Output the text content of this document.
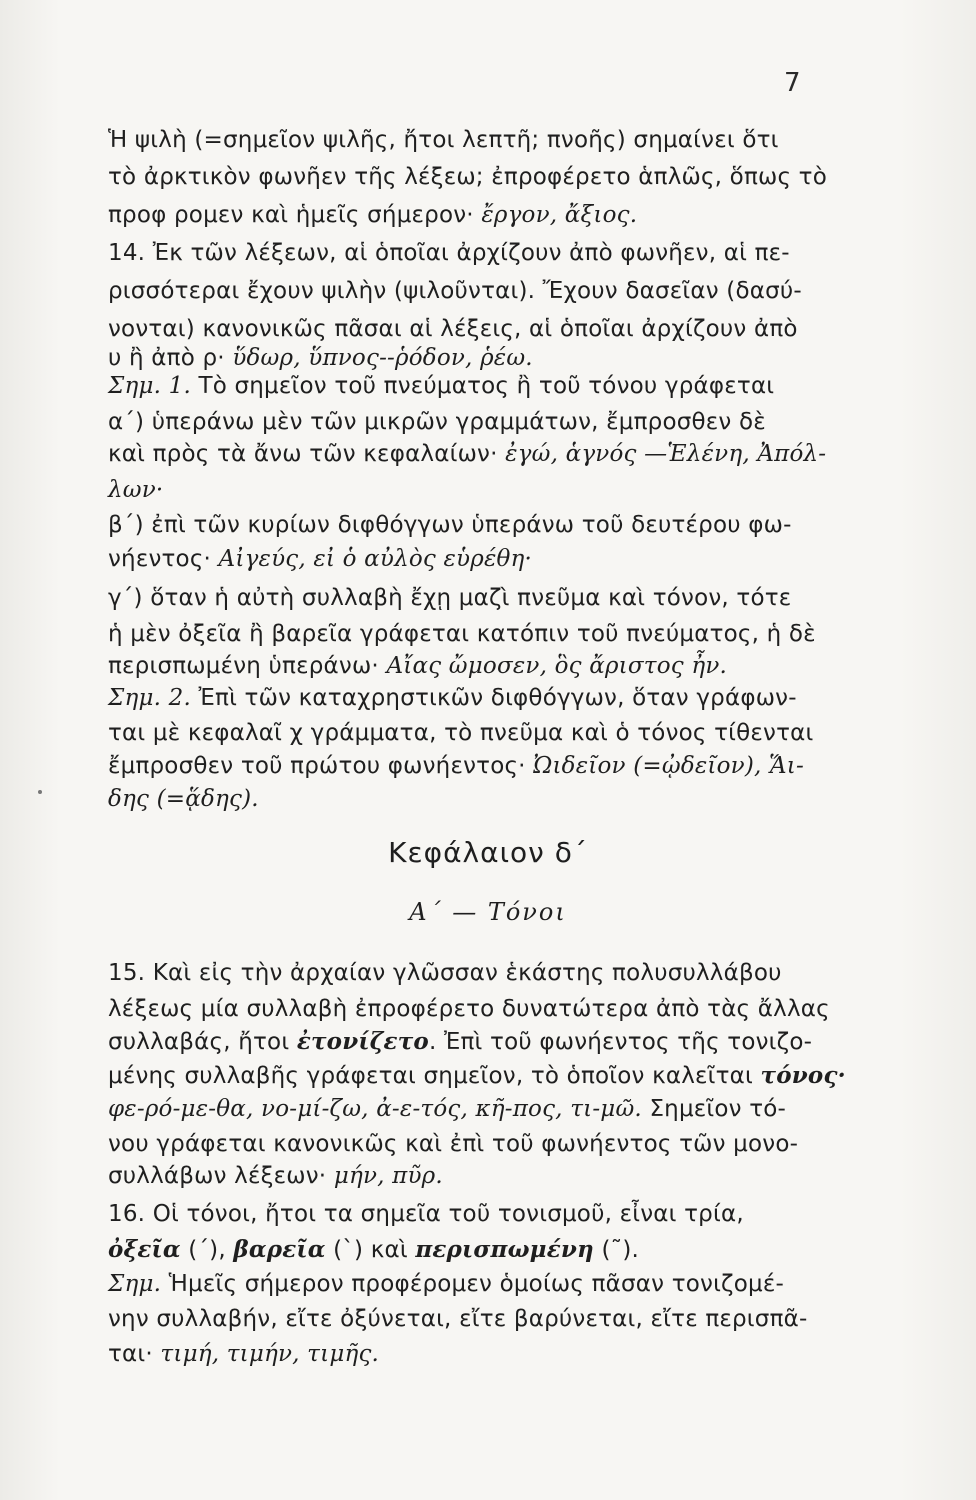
7
Ἡ ψιλὴ (=σημεῖον ψιλῆς, ἤτοι λεπτῆ; πνοῆς) σημαίνει ὅτι
τὸ ἀρκτικὸν φωνῆεν τῆς λέξεω; ἐπροφέρετο ἁπλῶς, ὅπως τὸ
προφ ρομεν καὶ ἡμεῖς σήμερον· ἔργον, ἄξιος.
14. Ἐκ τῶν λέξεων, αἱ ὁποῖαι ἀρχίζουν ἀπὸ φωνῆεν, αἱ πε-
ρισσότεραι ἔχουν ψιλὴν (ψιλοῦνται). Ἔχουν δασεῖαν (δασύ-
νονται) κανονικῶς πᾶσαι αἱ λέξεις, αἱ ὁποῖαι ἀρχίζουν ἀπὸ
υ ἢ ἀπὸ ρ· ὕδωρ, ὕπνος--ῥόδον, ῥέω.
Σημ. 1. Τὸ σημεῖον τοῦ πνεύματος ἢ τοῦ τόνου γράφεται
α΄) ὑπεράνω μὲν τῶν μικρῶν γραμμάτων, ἔμπροσθεν δὲ
καὶ πρὸς τὰ ἄνω τῶν κεφαλαίων· ἐγώ, ἁγνός —Ἑλένη, Ἀπόλ-
λων·
β΄) ἐπὶ τῶν κυρίων διφθόγγων ὑπεράνω τοῦ δευτέρου φω-
νήεντος· Αἰγεύς, εἰ ὁ αὐλὸς εὑρέθη·
γ΄) ὅταν ἡ αὐτὴ συλλαβὴ ἔχῃ μαζὶ πνεῦμα καὶ τόνον, τότε
ἡ μὲν ὀξεῖα ἢ βαρεῖα γράφεται κατόπιν τοῦ πνεύματος, ἡ δὲ
περισπωμένη ὑπεράνω· Αἴας ὤμοσεν, ὃς ἄριστος ἦν.
Σημ. 2. Ἐπὶ τῶν καταχρηστικῶν διφθόγγων, ὅταν γράφων-
ται μὲ κεφαλαῖ χ γράμματα, τὸ πνεῦμα καὶ ὁ τόνος τίθενται
ἔμπροσθεν τοῦ πρώτου φωνήεντος· Ὠιδεῖον (=ᾠδεῖον), Ἅι-
δης (=ᾅδης).
Κεφάλαιον δ΄
Α΄ — Τόνοι
15. Καὶ εἰς τὴν ἀρχαίαν γλῶσσαν ἑκάστης πολυσυλλάβου
λέξεως μία συλλαβὴ ἐπροφέρετο δυνατώτερα ἀπὸ τὰς ἄλλας
συλλαβάς, ἤτοι ἐτονίζετο. Ἐπὶ τοῦ φωνήεντος τῆς τονιζο-
μένης συλλαβῆς γράφεται σημεῖον, τὸ ὁποῖον καλεῖται τόνος·
φε-ρό-με-θα, νο-μί-ζω, ἀ-ε-τός, κῆ-πος, τι-μῶ. Σημεῖον τό-
νου γράφεται κανονικῶς καὶ ἐπὶ τοῦ φωνήεντος τῶν μονο-
συλλάβων λέξεων· μήν, πῦρ.
16. Οἱ τόνοι, ἤτοι τα σημεῖα τοῦ τονισμοῦ, εἶναι τρία,
ὀξεῖα (΄), βαρεῖα (`) καὶ περισπωμένη (῀).
Σημ. Ἡμεῖς σήμερον προφέρομεν ὁμοίως πᾶσαν τονιζομέ-
νην συλλαβήν, εἴτε ὀξύνεται, εἴτε βαρύνεται, εἴτε περισπᾶ-
ται· τιμή, τιμήν, τιμῆς.
